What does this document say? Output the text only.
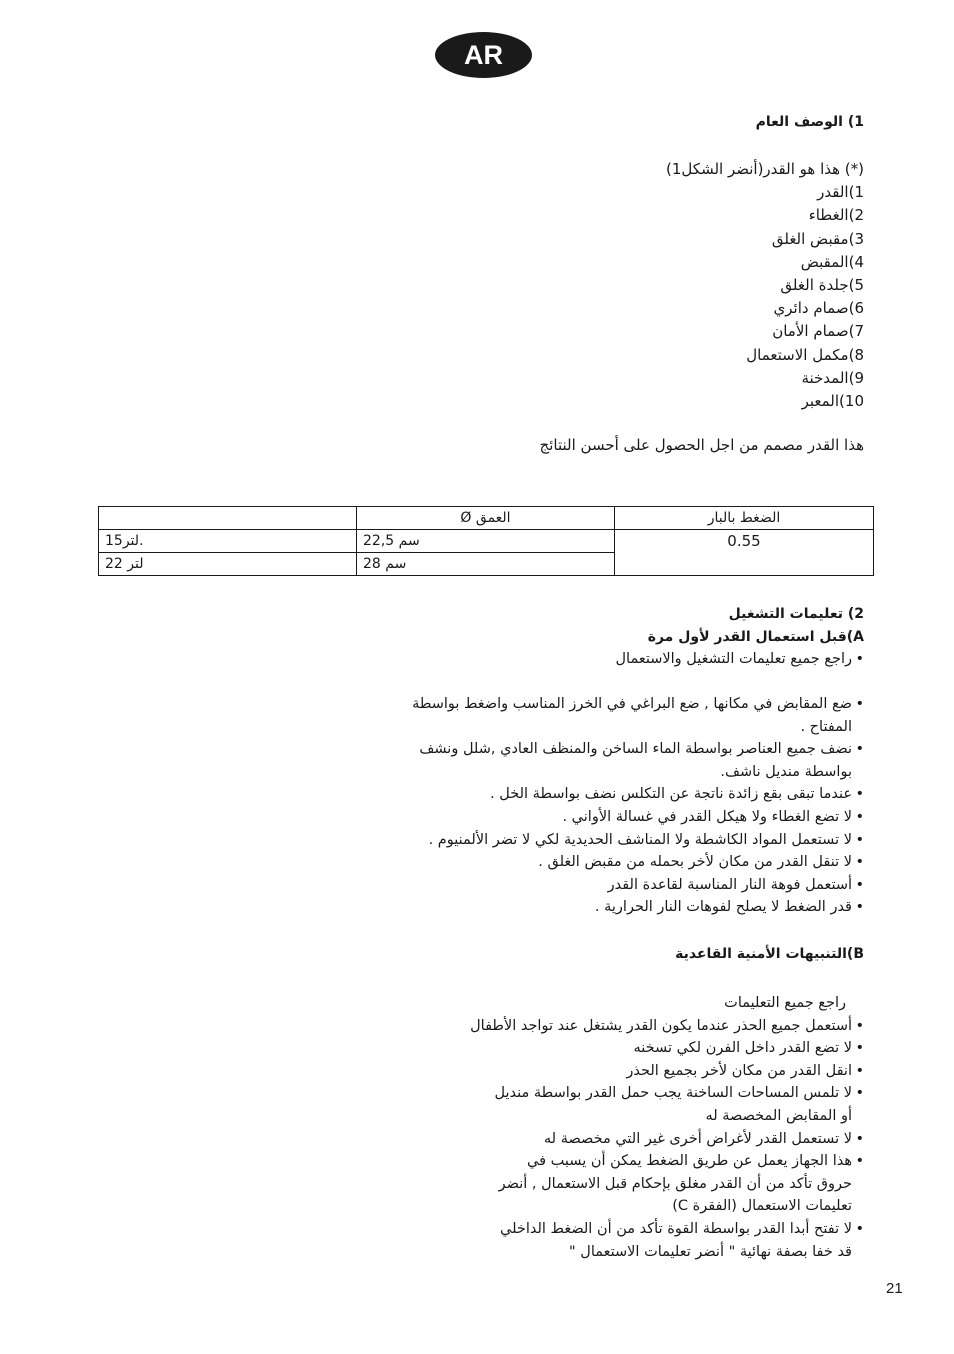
AR
1) الوصف العام
(*) هذا هو القدر(أنضر الشكل1)
1)القدر
2)الغطاء
3)مقبض الغلق
4)المقبض
5)جلدة الغلق
6)صمام دائري
7)صمام الأمان
8)مكمل الاستعمال
9)المدخنة
10)المعبر
هذا القدر مصمم من اجل الحصول على أحسن النتائج
	العمق Ø	الضغط بالبار
15لتر.	22,5 سم	0.55
22 لتر	28 سم	
2) تعليمات التشغيل
A)قبل استعمال القدر لأول مرة
• راجع جميع تعليمات التشغيل والاستعمال
• ضع المقابض في مكانها , ضع البراغي في الخرز المناسب واضغط بواسطة
المفتاح .
• نضف جميع العناصر بواسطة الماء الساخن والمنظف العادي ,شلل ونشف
بواسطة منديل ناشف.
• عندما تبقى بقع زائدة ناتجة عن التكلس نضف بواسطة الخل .
• لا تضع الغطاء ولا هيكل القدر في غسالة الأواني .
• لا تستعمل المواد الكاشطة ولا المناشف الحديدية لكي لا تضر الألمنيوم .
• لا تنقل القدر من مكان لأخر بحمله من مقبض الغلق .
• أستعمل فوهة النار المناسبة لقاعدة القدر
• قدر الضغط لا يصلح لفوهات النار الحرارية .
B)التنبيهات الأمنية القاعدية
راجع جميع التعليمات
• أستعمل جميع الحذر عندما يكون القدر يشتغل عند تواجد الأطفال
• لا تضع القدر داخل الفرن لكي تسخنه
• انقل القدر من مكان لأخر بجميع الحذر
• لا تلمس المساحات الساخنة يجب حمل القدر بواسطة منديل
أو المقابض المخصصة له
• لا تستعمل القدر لأغراض أخرى غير التي مخصصة له
• هذا الجهاز يعمل عن طريق الضغط يمكن أن يسبب في
حروق تأكد من أن القدر مغلق بإحكام قبل الاستعمال , أنضر
تعليمات الاستعمال (الفقرة C)
• لا تفتح أبدا القدر بواسطة القوة تأكد من أن الضغط الداخلي
قد خفا بصفة نهائية " أنضر تعليمات الاستعمال "
21
